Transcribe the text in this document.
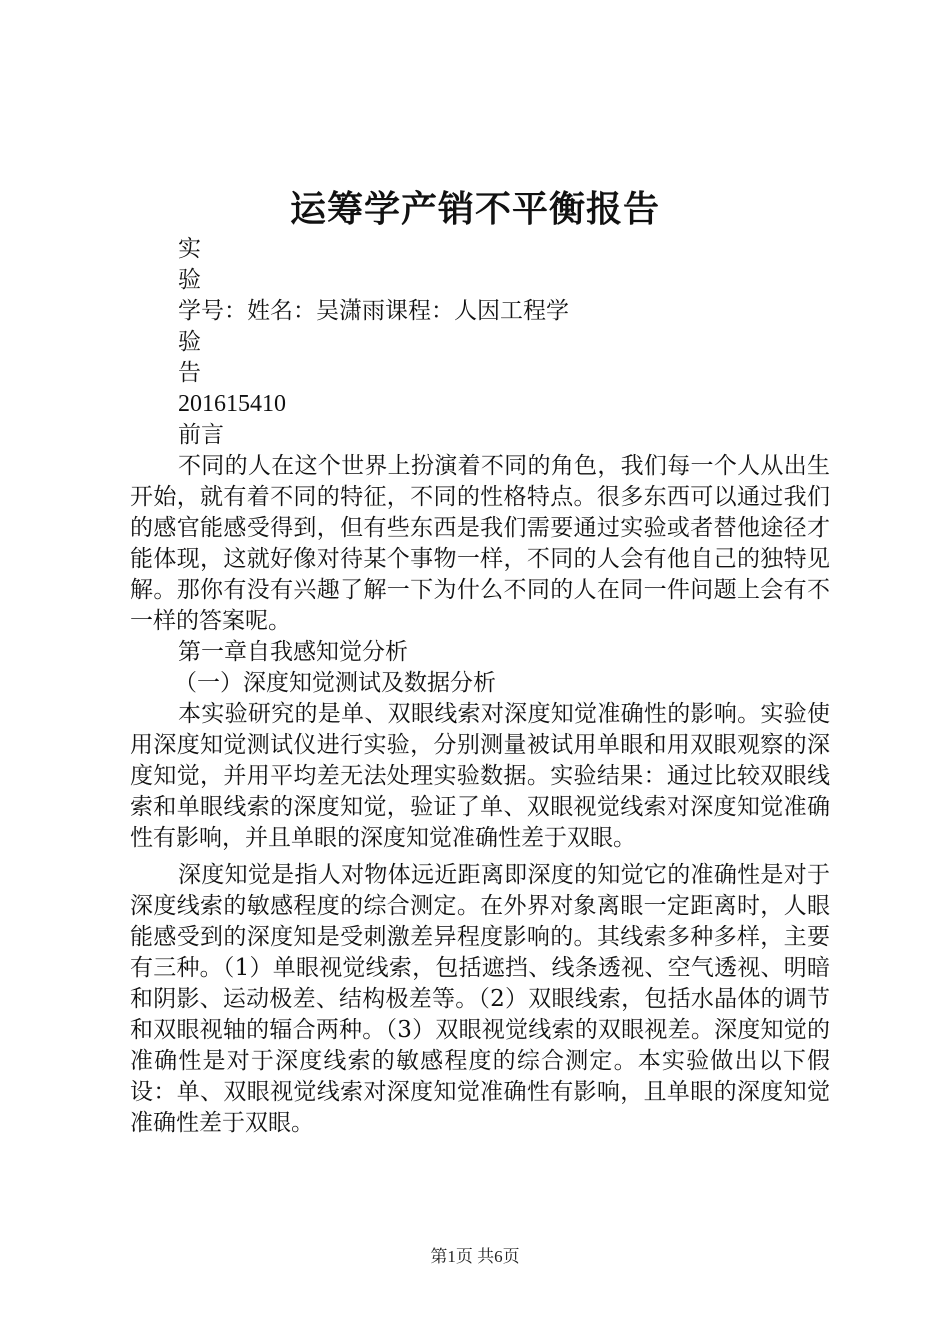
运筹学产销不平衡报告
实
验
学号：姓名：吴潇雨课程：人因工程学
验
告
201615410
前言

不同的人在这个世界上扮演着不同的角色，我们每一个人从出生开始，就有着不同的特征，不同的性格特点。很多东西可以通过我们的感官能感受得到，但有些东西是我们需要通过实验或者替他途径才能体现，这就好像对待某个事物一样，不同的人会有他自己的独特见解。那你有没有兴趣了解一下为什么不同的人在同一件问题上会有不一样的答案呢。

第一章自我感知觉分析
（一）深度知觉测试及数据分析

本实验研究的是单、双眼线索对深度知觉准确性的影响。实验使用深度知觉测试仪进行实验，分别测量被试用单眼和用双眼观察的深度知觉，并用平均差无法处理实验数据。实验结果：通过比较双眼线索和单眼线索的深度知觉，验证了单、双眼视觉线索对深度知觉准确性有影响，并且单眼的深度知觉准确性差于双眼。

深度知觉是指人对物体远近距离即深度的知觉它的准确性是对于深度线索的敏感程度的综合测定。在外界对象离眼一定距离时，人眼能感受到的深度知是受刺激差异程度影响的。其线索多种多样，主要有三种。（1）单眼视觉线索，包括遮挡、线条透视、空气透视、明暗和阴影、运动极差、结构极差等。（2）双眼线索，包括水晶体的调节和双眼视轴的辐合两种。（3）双眼视觉线索的双眼视差。深度知觉的准确性是对于深度线索的敏感程度的综合测定。本实验做出以下假设：单、双眼视觉线索对深度知觉准确性有影响，且单眼的深度知觉准确性差于双眼。

第1页 共6页
